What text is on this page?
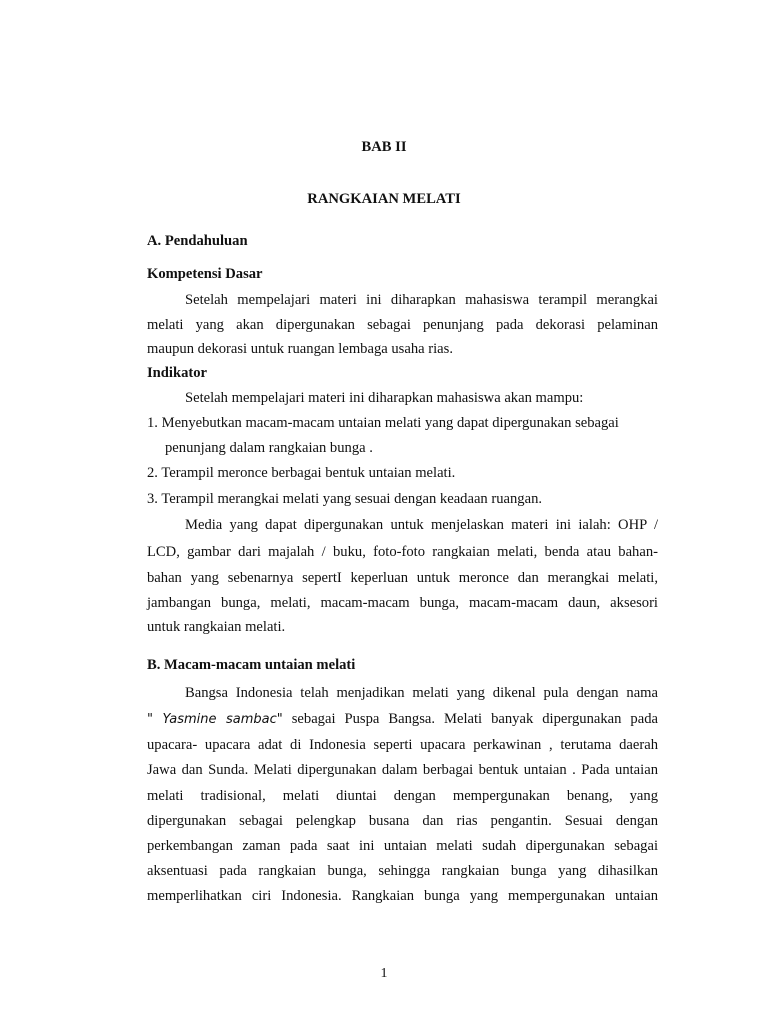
BAB II
RANGKAIAN MELATI
A. Pendahuluan
Kompetensi Dasar
Setelah mempelajari materi ini diharapkan mahasiswa terampil merangkai
melati yang akan dipergunakan sebagai penunjang pada dekorasi pelaminan
maupun dekorasi untuk ruangan lembaga usaha rias.
Indikator
Setelah mempelajari materi ini diharapkan mahasiswa akan mampu:
1. Menyebutkan macam-macam untaian melati yang dapat dipergunakan sebagai
penunjang dalam rangkaian bunga .
2. Terampil meronce berbagai bentuk untaian melati.
3. Terampil merangkai melati yang sesuai dengan keadaan ruangan.
Media yang dapat dipergunakan untuk menjelaskan materi ini ialah: OHP /
LCD, gambar dari majalah / buku, foto-foto rangkaian melati, benda atau bahan-
bahan yang sebenarnya sepertI keperluan untuk meronce dan merangkai melati,
jambangan bunga, melati, macam-macam bunga, macam-macam daun, aksesori
untuk rangkaian melati.
B. Macam-macam untaian melati
Bangsa Indonesia telah menjadikan melati yang dikenal pula dengan nama
" Yasmine sambac" sebagai Puspa Bangsa. Melati banyak dipergunakan pada
upacara- upacara adat di Indonesia seperti upacara perkawinan , terutama daerah
Jawa dan Sunda. Melati dipergunakan dalam berbagai bentuk untaian . Pada untaian
melati tradisional, melati diuntai dengan mempergunakan benang, yang
dipergunakan sebagai pelengkap busana dan rias pengantin. Sesuai dengan
perkembangan zaman pada saat ini untaian melati sudah dipergunakan sebagai
aksentuasi pada rangkaian bunga, sehingga rangkaian bunga yang dihasilkan
memperlihatkan ciri Indonesia. Rangkaian bunga yang mempergunakan untaian
1
